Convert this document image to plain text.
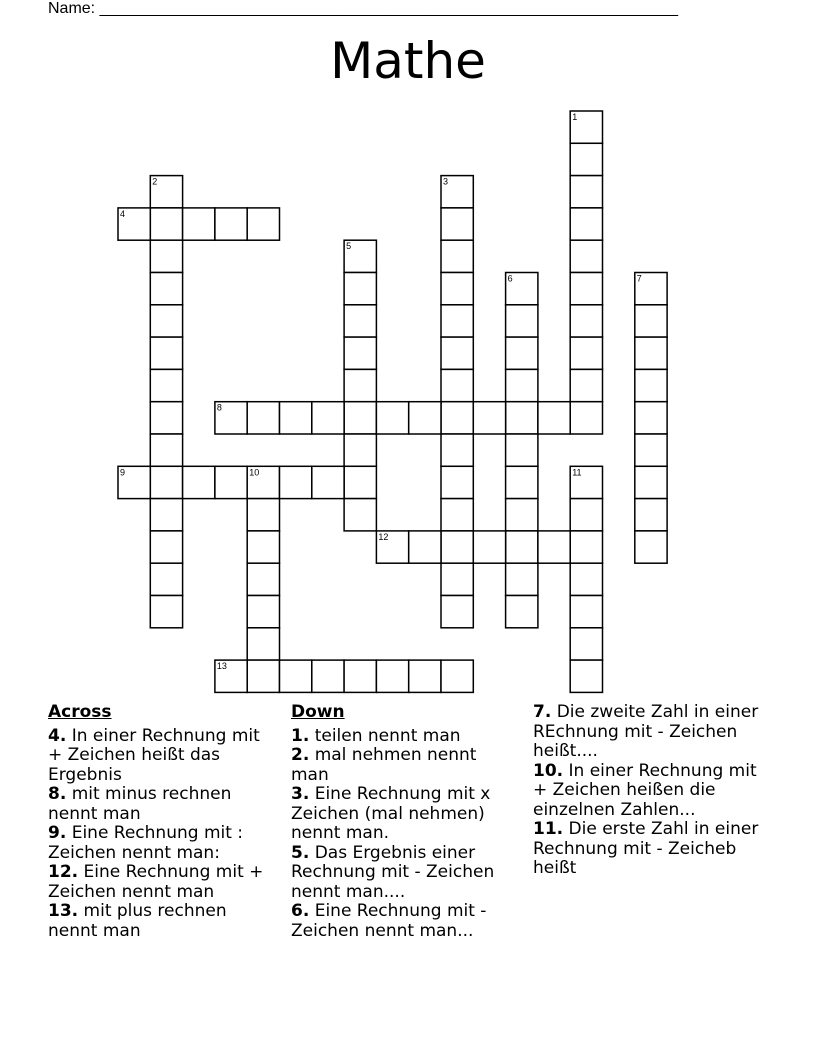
Name: _________________________________________________________________
Mathe
1
2	3
4
5
6	7
8
9	10	11
12
13
Across
4. In einer Rechnung mit + Zeichen heißt das Ergebnis
8. mit minus rechnen nennt man
9. Eine Rechnung mit : Zeichen nennt man:
12. Eine Rechnung mit + Zeichen nennt man
13. mit plus rechnen nennt man
Down
1. teilen nennt man
2. mal nehmen nennt man
3. Eine Rechnung mit x Zeichen (mal nehmen) nennt man.
5. Das Ergebnis einer Rechnung mit - Zeichen nennt man....
6. Eine Rechnung mit - Zeichen nennt man...
7. Die zweite Zahl in einer REchnung mit - Zeichen heißt....
10. In einer Rechnung mit + Zeichen heißen die einzelnen Zahlen...
11. Die erste Zahl in einer Rechnung mit - Zeicheb heißt
